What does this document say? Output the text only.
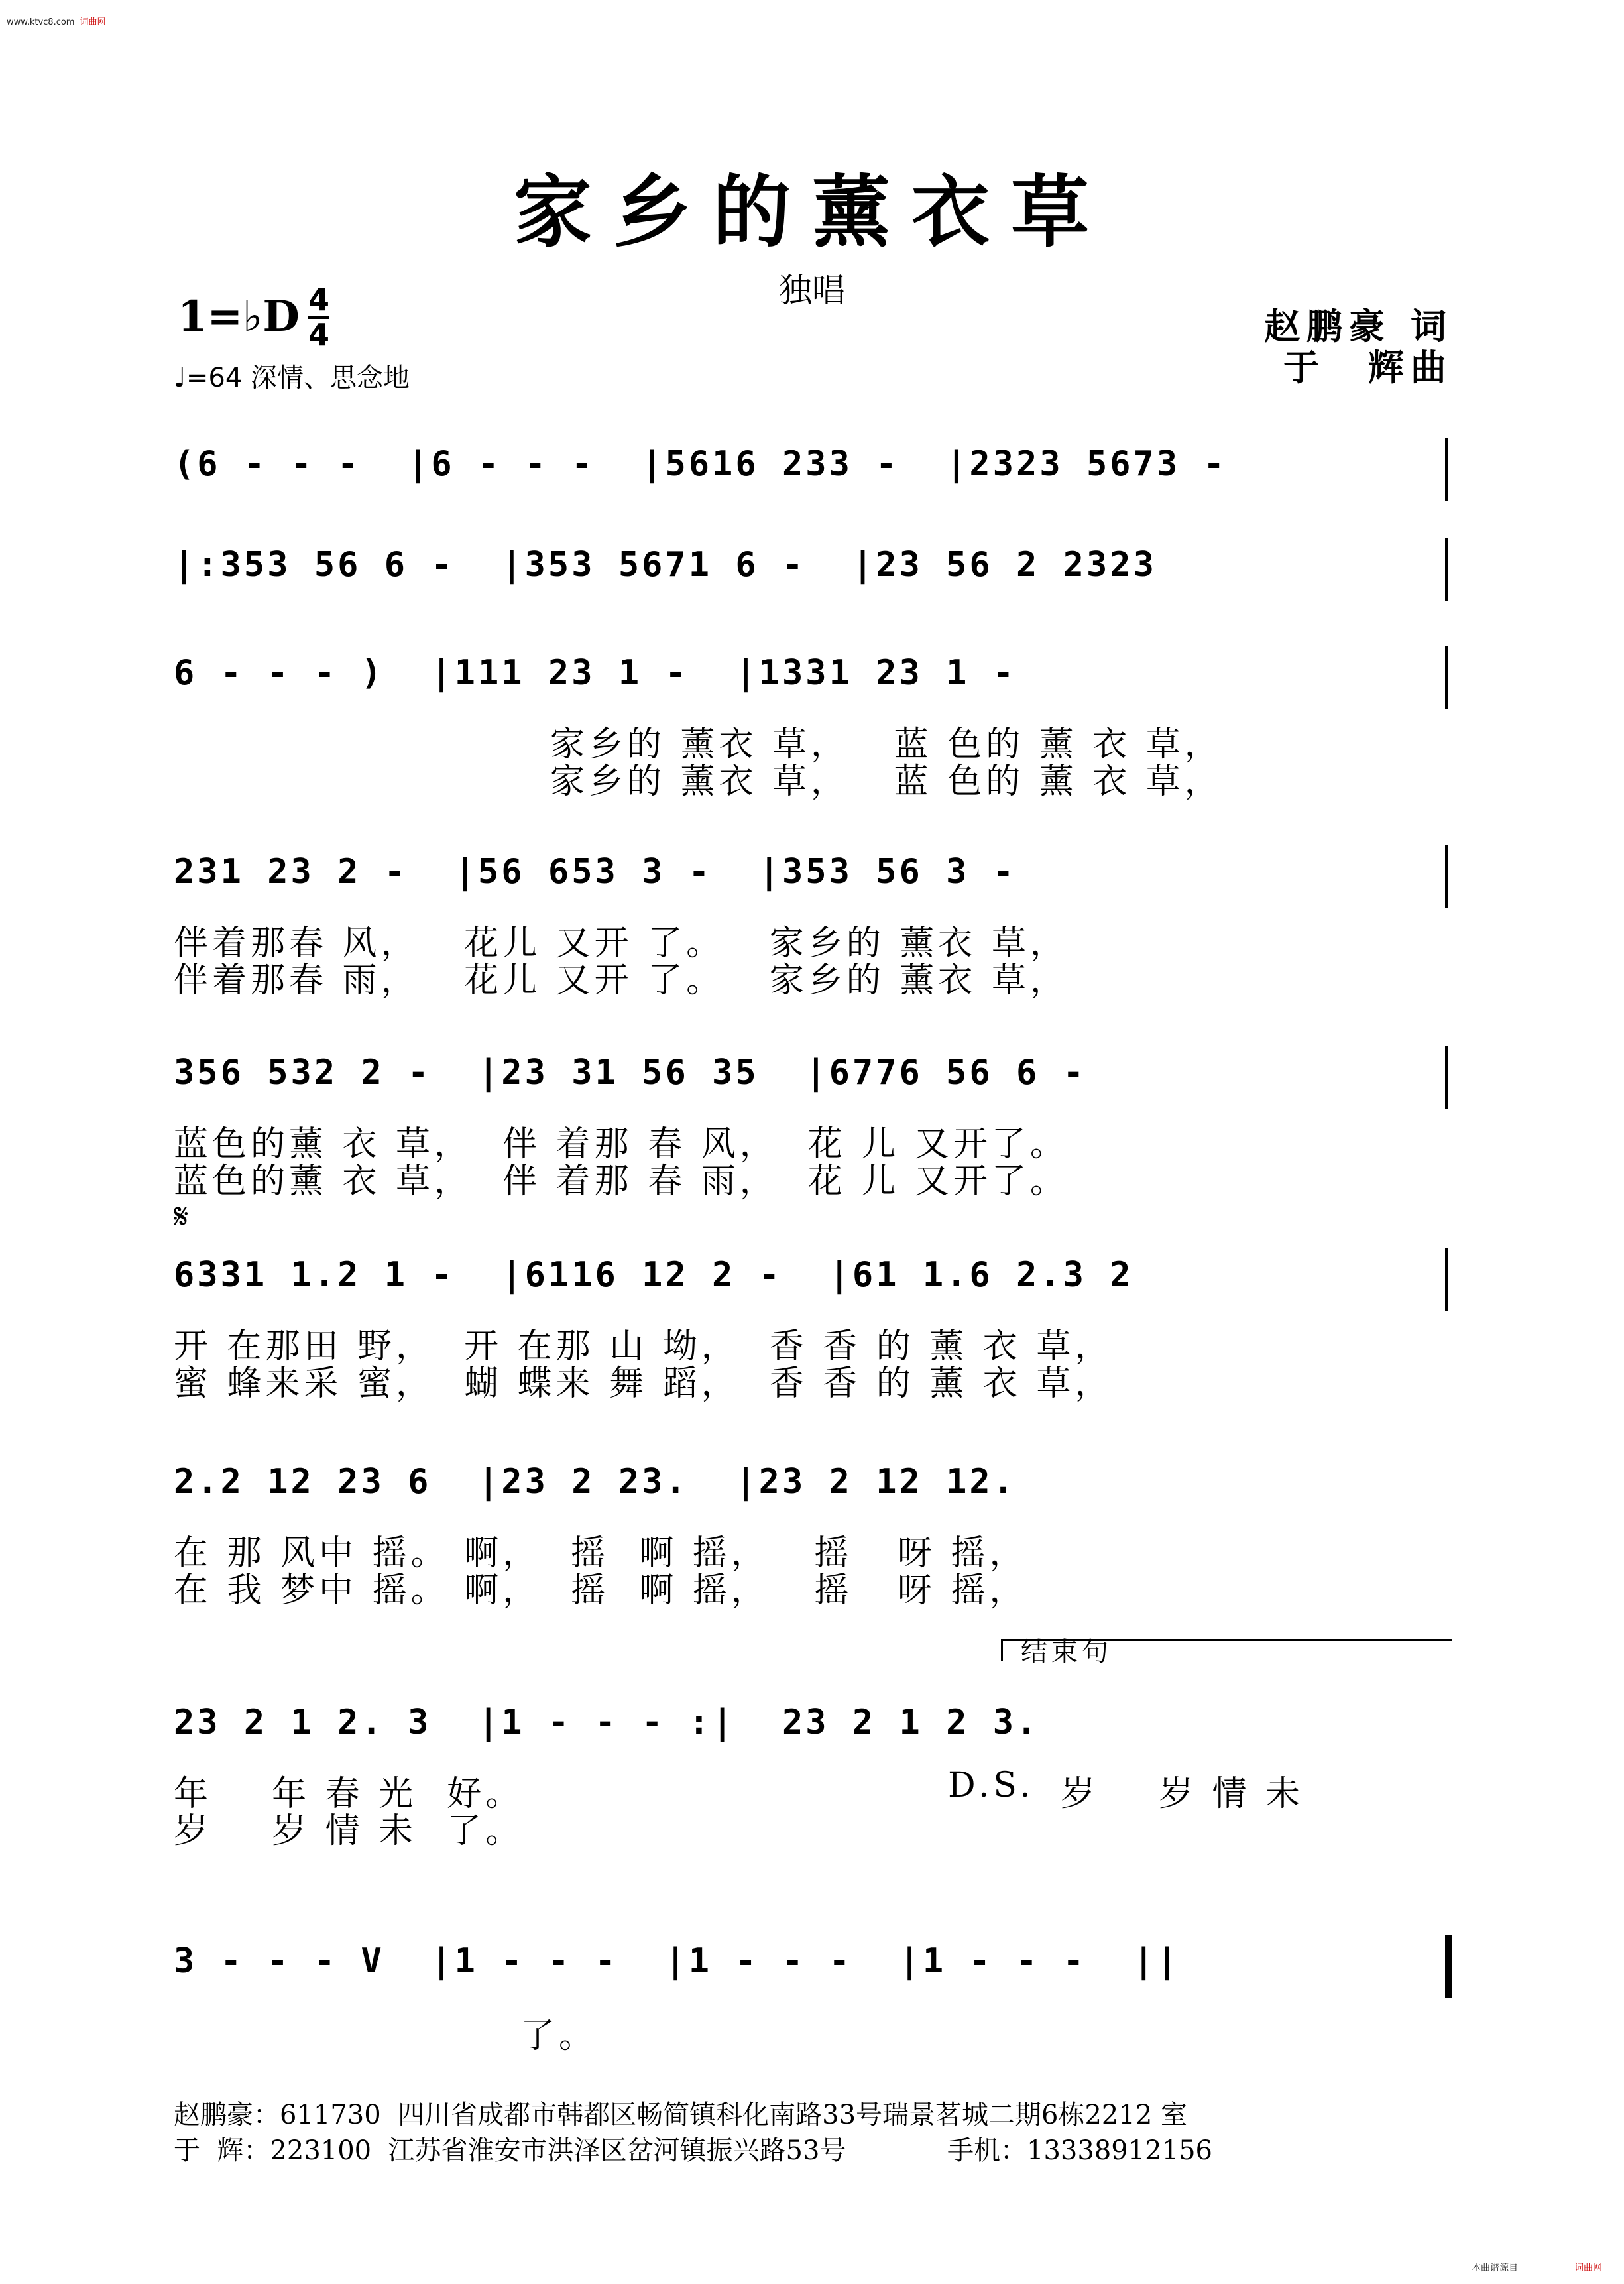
www.ktvc8.com 词曲网
家乡的薰衣草
独唱
1=♭D 4
4
♩=64 深情、思念地
赵鹏豪 词
于　辉曲
(6 - - -  |6 - - -  |5616 233 -  |2323 5673 -
|:353 56 6 -  |353 5671 6 -  |23 56 2 2323
6 - - - )  |111 23 1 -  |1331 23 1 -
231 23 2 -  |56 653 3 -  |353 56 3 -
356 532 2 -  |23 31 56 35  |6776 56 6 -
𝄋
6331 1.2 1 -  |6116 12 2 -  |61 1.6 2.3 2
2.2 12 23 6  |23 2 23.  |23 2 12 12.
结束句
23 2 1 2. 3  |1 - - - :|  23 2 1 2 3.
3 - - - V  |1 - - -  |1 - - -  |1 - - -  ||
家乡的 薰衣 草，   蓝 色的 薰 衣 草，
家乡的 薰衣 草，   蓝 色的 薰 衣 草，
伴着那春 风，   花儿 又开 了。   家乡的 薰衣 草，
伴着那春 雨，   花儿 又开 了。   家乡的 薰衣 草，
蓝色的薰 衣 草，  伴 着那 春 风，  花 儿 又开了。
蓝色的薰 衣 草，  伴 着那 春 雨，  花 儿 又开了。
开 在那田 野，  开 在那 山 坳，  香 香 的 薰 衣 草，
蜜 蜂来采 蜜，  蝴 蝶来 舞 蹈，  香 香 的 薰 衣 草，
在 那 风中 摇。 啊，  摇  啊 摇，   摇   呀 摇，
在 我 梦中 摇。 啊，  摇  啊 摇，   摇   呀 摇，
年    年 春 光  好。
岁    岁 情 未  了。
D.S. 岁    岁 情 未
了。
赵鹏豪：611730  四川省成都市韩都区畅简镇科化南路33号瑞景茗城二期6栋2212 室
于  辉：223100  江苏省淮安市洪泽区岔河镇振兴路53号            手机：13338912156
本曲谱源自	词曲网
